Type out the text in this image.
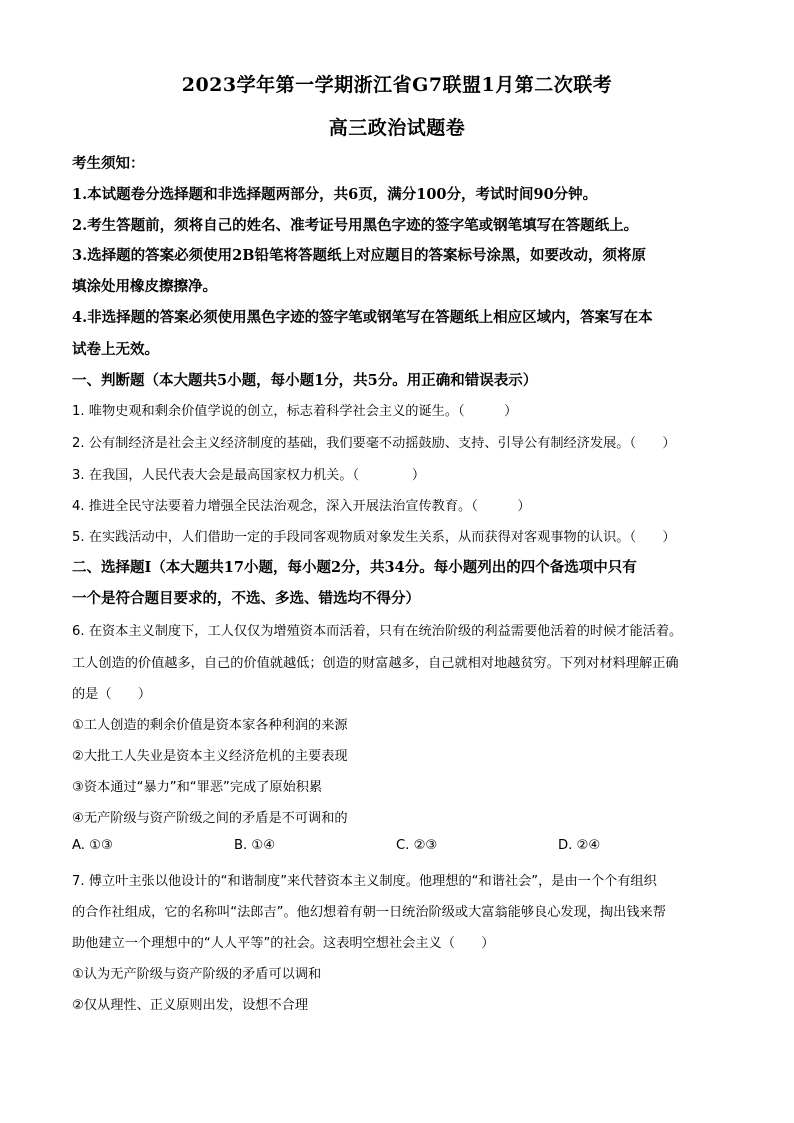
2023学年第一学期浙江省G7联盟1月第二次联考
高三政治试题卷
考生须知：
1.本试题卷分选择题和非选择题两部分，共6页，满分100分，考试时间90分钟。
2.考生答题前，须将自己的姓名、准考证号用黑色字迹的签字笔或钢笔填写在答题纸上。
3.选择题的答案必须使用2B铅笔将答题纸上对应题目的答案标号涂黑，如要改动，须将原
填涂处用橡皮擦擦净。
4.非选择题的答案必须使用黑色字迹的签字笔或钢笔写在答题纸上相应区域内，答案写在本
试卷上无效。
一、判断题（本大题共5小题，每小题1分，共5分。用正确和错误表示）
1. 唯物史观和剩余价值学说的创立，标志着科学社会主义的诞生。（　　　）
2. 公有制经济是社会主义经济制度的基础，我们要毫不动摇鼓励、支持、引导公有制经济发展。（　　）
3. 在我国，人民代表大会是最高国家权力机关。（　　　　）
4. 推进全民守法要着力增强全民法治观念，深入开展法治宣传教育。（　　　）
5. 在实践活动中，人们借助一定的手段同客观物质对象发生关系，从而获得对客观事物的认识。（　　）
二、选择题Ⅰ（本大题共17小题，每小题2分，共34分。每小题列出的四个备选项中只有
一个是符合题目要求的，不选、多选、错选均不得分）
6. 在资本主义制度下，工人仅仅为增殖资本而活着，只有在统治阶级的利益需要他活着的时候才能活着。
工人创造的价值越多，自己的价值就越低；创造的财富越多，自己就相对地越贫穷。下列对材料理解正确
的是（　　）
①工人创造的剩余价值是资本家各种利润的来源
②大批工人失业是资本主义经济危机的主要表现
③资本通过“暴力”和“罪恶”完成了原始积累
④无产阶级与资产阶级之间的矛盾是不可调和的
A. ①③	B. ①④	C. ②③	D. ②④
7. 傅立叶主张以他设计的“和谐制度”来代替资本主义制度。他理想的“和谐社会”，是由一个个有组织
的合作社组成，它的名称叫“法郎吉”。他幻想着有朝一日统治阶级或大富翁能够良心发现，掏出钱来帮
助他建立一个理想中的“人人平等”的社会。这表明空想社会主义（　　）
①认为无产阶级与资产阶级的矛盾可以调和
②仅从理性、正义原则出发，设想不合理
